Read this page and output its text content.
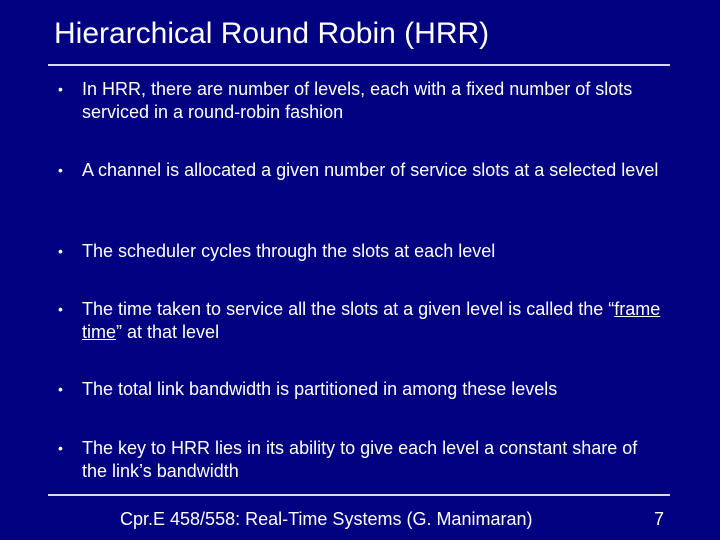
Hierarchical Round Robin (HRR)
• In HRR, there are number of levels, each with a fixed number of slots serviced in a round-robin fashion
• A channel is allocated a given number of service slots at a selected level
• The scheduler cycles through the slots at each level
• The time taken to service all the slots at a given level is called the “frame time” at that level
• The total link bandwidth is partitioned in among these levels
• The key to HRR lies in its ability to give each level a constant share of the link’s bandwidth
Cpr.E 458/558: Real-Time Systems (G. Manimaran)	7
